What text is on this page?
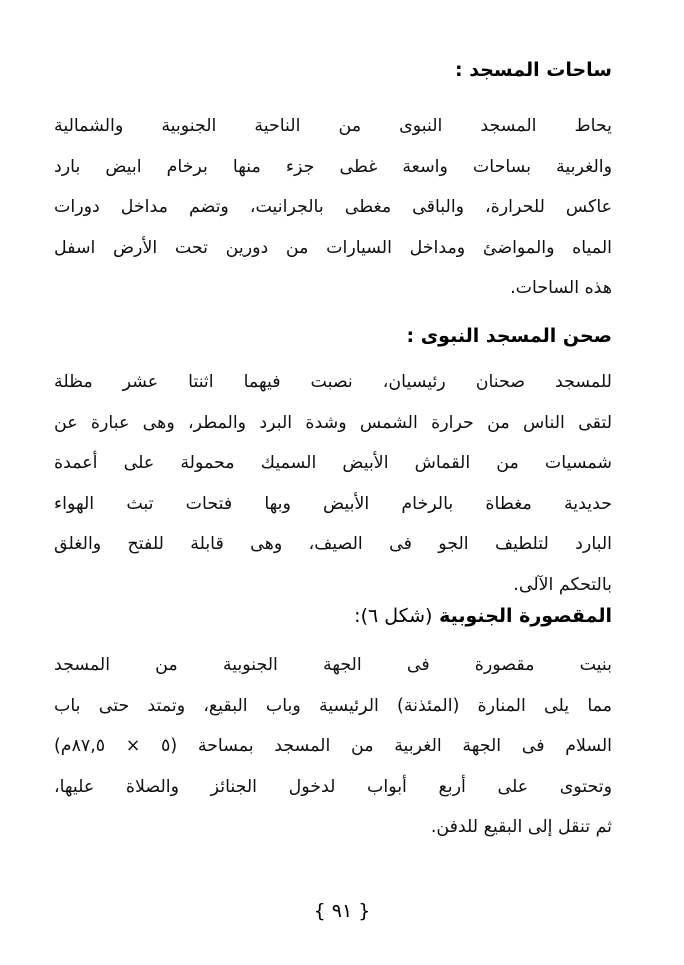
ساحات المسجد :
يحاط المسجد النبوى من الناحية الجنوبية والشمالية
والغربية بساحات واسعة غطى جزء منها برخام ابيض بارد
عاكس للحرارة، والباقى مغطى بالجرانيت، وتضم مداخل دورات
المياه والمواضئ ومداخل السيارات من دورين تحت الأرض اسفل
هذه الساحات.
صحن المسجد النبوى :
للمسجد صحنان رئيسيان، نصبت فيهما اثنتا عشر مظلة
لتقى الناس من حرارة الشمس وشدة البرد والمطر، وهى عبارة عن
شمسيات من القماش الأبيض السميك محمولة على أعمدة
حديدية مغطاة بالرخام الأبيض وبها فتحات تبث الهواء
البارد لتلطيف الجو فى الصيف، وهى قابلة للفتح والغلق
بالتحكم الآلى.
المقصورة الجنوبية (شكل ٦):
بنيت مقصورة فى الجهة الجنوبية من المسجد
مما يلى المنارة (المئذنة) الرئيسية وباب البقيع، وتمتد حتى باب
السلام فى الجهة الغربية من المسجد بمساحة (٥ × ٨٧,٥م)
وتحتوى على أربع أبواب لدخول الجنائز والصلاة عليها،
ثم تنقل إلى البقيع للدفن.
{ ٩١ }
